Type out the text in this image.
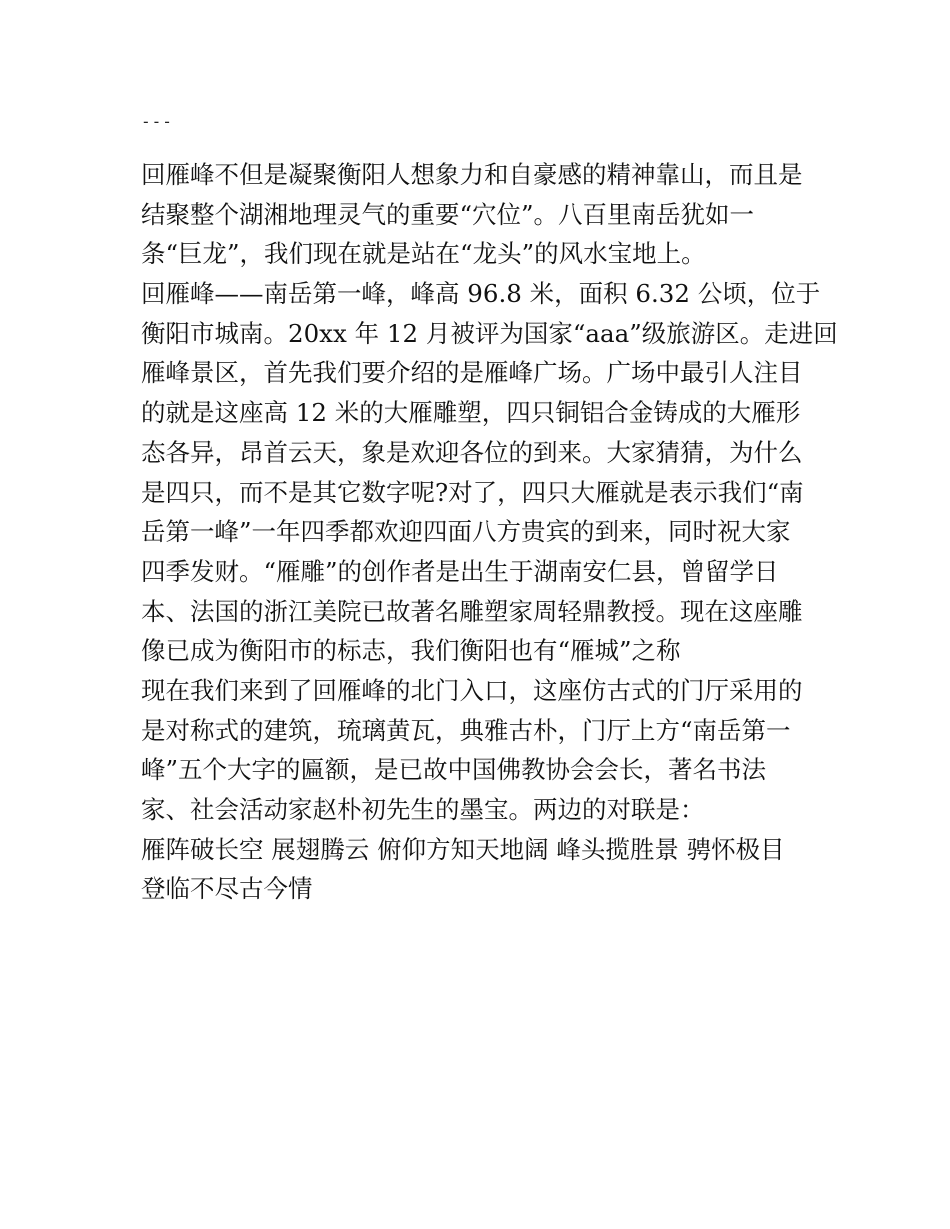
---
回雁峰不但是凝聚衡阳人想象力和自豪感的精神靠山，而且是
结聚整个湖湘地理灵气的重要“穴位”。八百里南岳犹如一
条“巨龙”，我们现在就是站在“龙头”的风水宝地上。
回雁峰——南岳第一峰，峰高 96.8 米，面积 6.32 公顷，位于
衡阳市城南。20xx 年 12 月被评为国家“aaa”级旅游区。走进回
雁峰景区，首先我们要介绍的是雁峰广场。广场中最引人注目
的就是这座高 12 米的大雁雕塑，四只铜铝合金铸成的大雁形
态各异，昂首云天，象是欢迎各位的到来。大家猜猜，为什么
是四只，而不是其它数字呢?对了，四只大雁就是表示我们“南
岳第一峰”一年四季都欢迎四面八方贵宾的到来，同时祝大家
四季发财。“雁雕”的创作者是出生于湖南安仁县，曾留学日
本、法国的浙江美院已故著名雕塑家周轻鼎教授。现在这座雕
像已成为衡阳市的标志，我们衡阳也有“雁城”之称
现在我们来到了回雁峰的北门入口，这座仿古式的门厅采用的
是对称式的建筑，琉璃黄瓦，典雅古朴，门厅上方“南岳第一
峰”五个大字的匾额，是已故中国佛教协会会长，著名书法
家、社会活动家赵朴初先生的墨宝。两边的对联是：
雁阵破长空 展翅腾云 俯仰方知天地阔 峰头揽胜景 骋怀极目
登临不尽古今情
